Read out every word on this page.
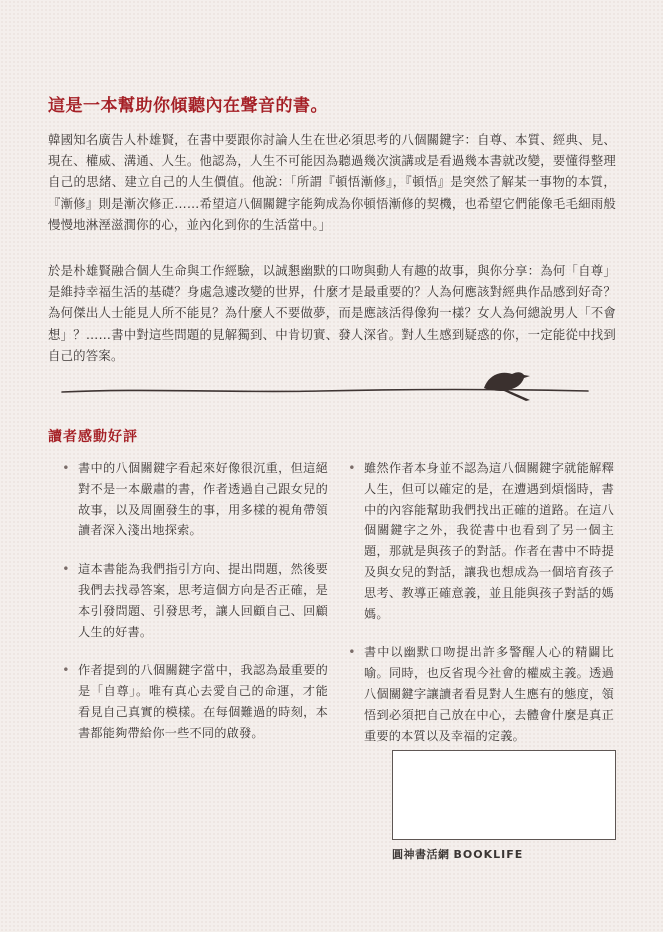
這是一本幫助你傾聽內在聲音的書。

韓國知名廣告人朴雄賢，在書中要跟你討論人生在世必須思考的八個關鍵字：自尊、本質、經典、見、現在、權威、溝通、人生。他認為，人生不可能因為聽過幾次演講或是看過幾本書就改變，要懂得整理自己的思緒、建立自己的人生價值。他說：「所謂『頓悟漸修』，『頓悟』是突然了解某一事物的本質，『漸修』則是漸次修正……希望這八個關鍵字能夠成為你頓悟漸修的契機，也希望它們能像毛毛細雨般慢慢地淋溼滋潤你的心，並內化到你的生活當中。」

於是朴雄賢融合個人生命與工作經驗，以誠懇幽默的口吻與動人有趣的故事，與你分享：為何「自尊」是維持幸福生活的基礎？身處急遽改變的世界，什麼才是最重要的？人為何應該對經典作品感到好奇？為何傑出人士能見人所不能見？為什麼人不要做夢，而是應該活得像狗一樣？女人為何總說男人「不會想」？……書中對這些問題的見解獨到、中肯切實、發人深省。對人生感到疑惑的你，一定能從中找到自己的答案。

讀者感動好評
• 書中的八個關鍵字看起來好像很沉重，但這絕對不是一本嚴肅的書，作者透過自己跟女兒的故事，以及周圍發生的事，用多樣的視角帶領讀者深入淺出地探索。
• 這本書能為我們指引方向、提出問題，然後要我們去找尋答案，思考這個方向是否正確，是本引發問題、引發思考，讓人回顧自己、回顧人生的好書。
• 作者提到的八個關鍵字當中，我認為最重要的是「自尊」。唯有真心去愛自己的命運，才能看見自己真實的模樣。在每個難過的時刻，本書都能夠帶給你一些不同的啟發。
• 雖然作者本身並不認為這八個關鍵字就能解釋人生，但可以確定的是，在遭遇到煩惱時，書中的內容能幫助我們找出正確的道路。在這八個關鍵字之外，我從書中也看到了另一個主題，那就是與孩子的對話。作者在書中不時提及與女兒的對話，讓我也想成為一個培育孩子思考、教導正確意義，並且能與孩子對話的媽媽。
• 書中以幽默口吻提出許多警醒人心的精闢比喻。同時，也反省現今社會的權威主義。透過八個關鍵字讓讀者看見對人生應有的態度，領悟到必須把自己放在中心，去體會什麼是真正重要的本質以及幸福的定義。
圓神書活網 BOOKLIFE
